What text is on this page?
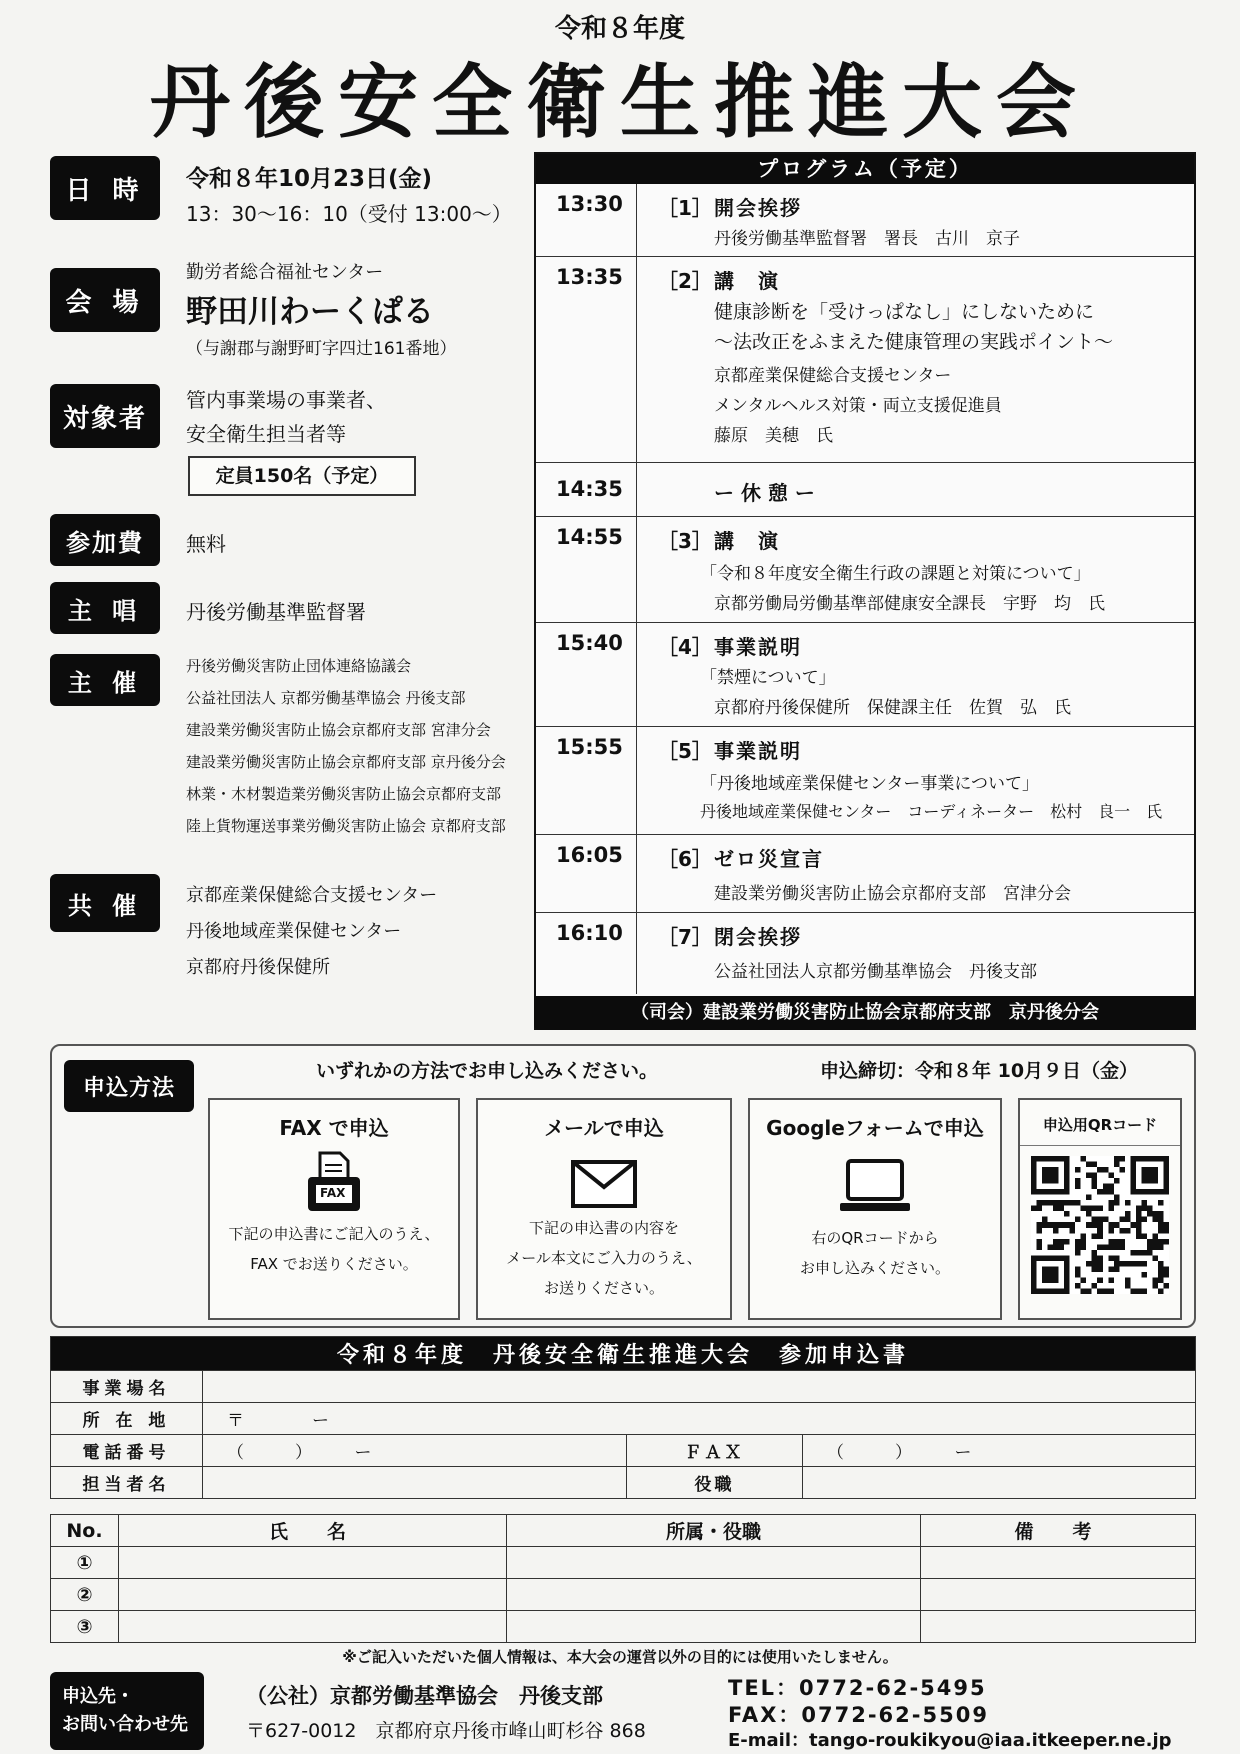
令和８年度
丹後安全衛生推進大会
日 時	令和８年10月23日(金)
13：30～16：10（受付 13:00～）
会 場
勤労者総合福祉センター
野田川わーくぱる
（与謝郡与謝野町字四辻161番地）
対象者
管内事業場の事業者、
安全衛生担当者等
定員150名（予定）
参加費	無料
主 唱	丹後労働基準監督署
主 催
丹後労働災害防止団体連絡協議会
公益社団法人 京都労働基準協会 丹後支部
建設業労働災害防止協会京都府支部 宮津分会
建設業労働災害防止協会京都府支部 京丹後分会
林業・木材製造業労働災害防止協会京都府支部
陸上貨物運送事業労働災害防止協会 京都府支部
共 催	京都産業保健総合支援センター
丹後地域産業保健センター
京都府丹後保健所
プログラム（予定）
13:30 ［1］ 開会挨拶
丹後労働基準監督署　署長　古川　京子
13:35 ［2］ 講　演
健康診断を「受けっぱなし」にしないために
～法改正をふまえた健康管理の実践ポイント～
京都産業保健総合支援センター
メンタルヘルス対策・両立支援促進員
藤原　美穂　氏
14:35	ー 休 憩 ー
14:55 ［3］ 講　演
「令和８年度安全衛生行政の課題と対策について」
京都労働局労働基準部健康安全課長　宇野　均　氏
15:40 ［4］ 事業説明
「禁煙について」
京都府丹後保健所　保健課主任　佐賀　弘　氏
15:55 ［5］ 事業説明
「丹後地域産業保健センター事業について」
丹後地域産業保健センター　コーディネーター　松村　良一　氏
16:05 ［6］ ゼロ災宣言
建設業労働災害防止協会京都府支部　宮津分会
16:10 ［7］ 閉会挨拶
公益社団法人京都労働基準協会　丹後支部
（司会）建設業労働災害防止協会京都府支部　京丹後分会
申込方法
いずれかの方法でお申し込みください。	申込締切：令和８年 10月９日（金）
FAX で申込
FAX
下記の申込書にご記入のうえ、
FAX でお送りください。
メールで申込
下記の申込書の内容を
メール本文にご入力のうえ、
お送りください。
Googleフォームで申込
右のQRコードから
お申し込みください。
申込用QRコード
令和８年度　丹後安全衛生推進大会　参加申込書			
事業場名			
所 在 地	〒　　　　ー		
電話番号	（　　　）　　　ー	ＦＡＸ	（　　　）　　　ー
担当者名		役職	
No.	氏　名	所属・役職	備　考
①			
②			
③			
※ご記入いただいた個人情報は、本大会の運営以外の目的には使用いたしません。
申込先・
お問い合わせ先
（公社）京都労働基準協会　丹後支部
〒627-0012　京都府京丹後市峰山町杉谷 868
TEL：0772-62-5495
FAX：0772-62-5509
E-mail：tango-roukikyou@iaa.itkeeper.ne.jp
